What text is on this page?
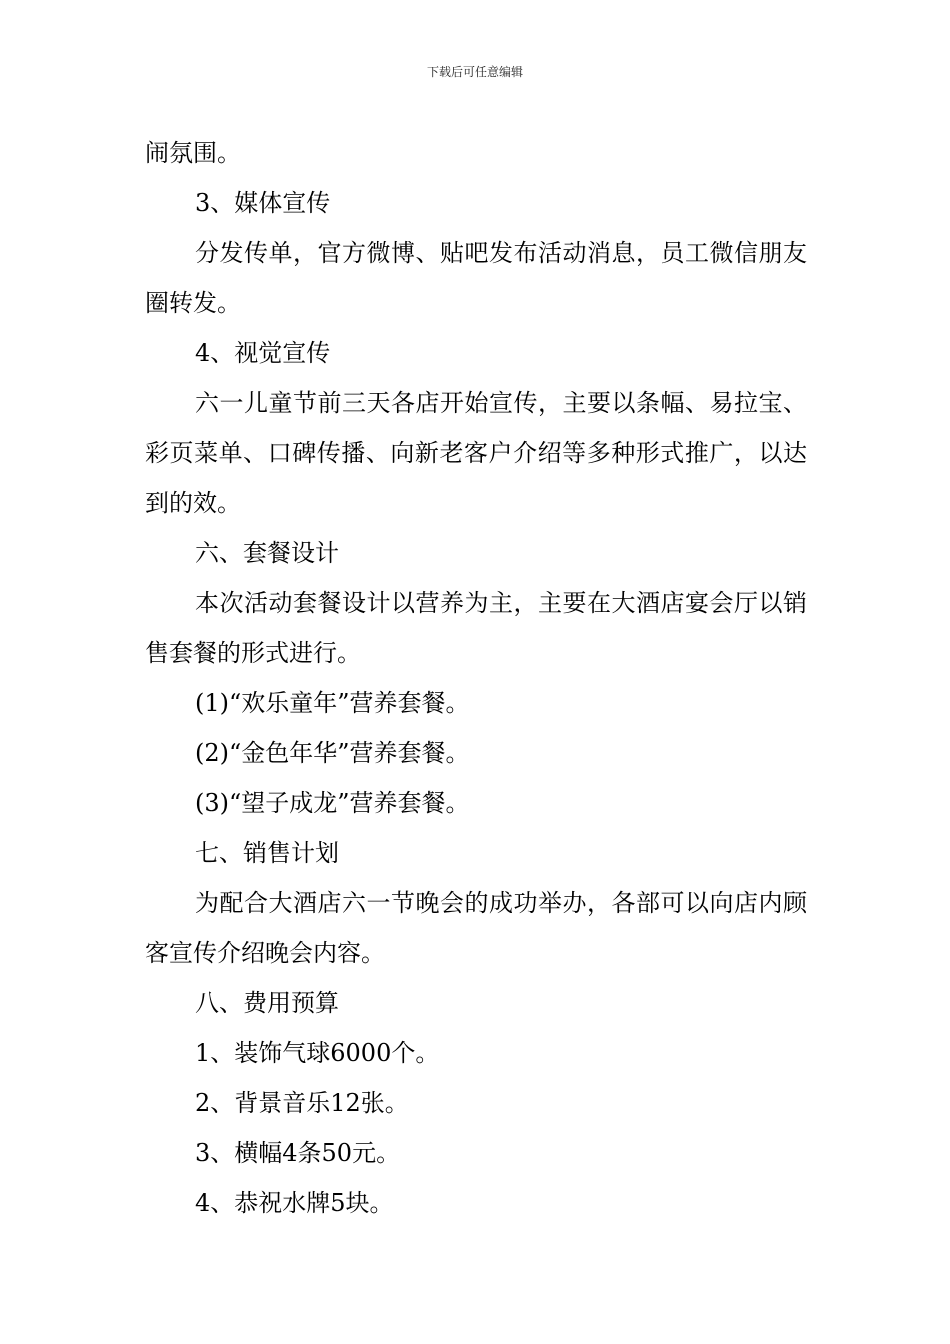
下载后可任意编辑

闹氛围。

3、媒体宣传

分发传单，官方微博、贴吧发布活动消息，员工微信朋友圈转发。

4、视觉宣传

六一儿童节前三天各店开始宣传，主要以条幅、易拉宝、彩页菜单、口碑传播、向新老客户介绍等多种形式推广，以达到的效。

六、套餐设计

本次活动套餐设计以营养为主，主要在大酒店宴会厅以销售套餐的形式进行。

(1)“欢乐童年”营养套餐。

(2)“金色年华”营养套餐。

(3)“望子成龙”营养套餐。

七、销售计划

为配合大酒店六一节晚会的成功举办，各部可以向店内顾客宣传介绍晚会内容。

八、费用预算

1、装饰气球6000个。

2、背景音乐12张。

3、横幅4条50元。

4、恭祝水牌5块。
